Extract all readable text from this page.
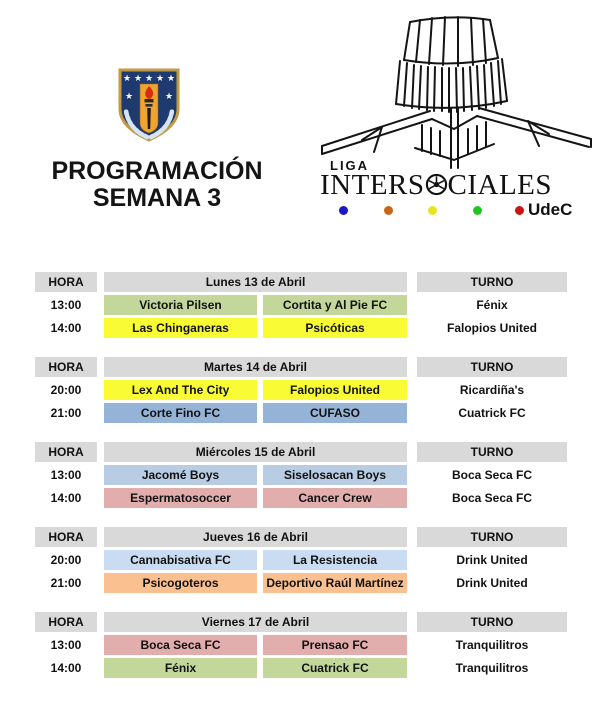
★ ★ ★ ★ ★
★	★
PROGRAMACIÓN
SEMANA 3
LIGA
INTERS CIALES
UdeC
HORA	Lunes 13 de Abril	TURNO
13:00	Victoria Pilsen	Cortita y Al Pie FC	Fénix
14:00	Las Chinganeras	Psicóticas	Falopios United
HORA	Martes 14 de Abril	TURNO
20:00	Lex And The City	Falopios United	Ricardiña's
21:00	Corte Fino FC	CUFASO	Cuatrick FC
HORA	Miércoles 15 de Abril	TURNO
13:00	Jacomé Boys	Siselosacan Boys	Boca Seca FC
14:00	Espermatosoccer	Cancer Crew	Boca Seca FC
HORA	Jueves 16 de Abril	TURNO
20:00	Cannabisativa FC	La Resistencia	Drink United
21:00	Psicogoteros	Deportivo Raúl Martínez	Drink United
HORA	Viernes 17 de Abril	TURNO
13:00	Boca Seca FC	Prensao FC	Tranquilitros
14:00	Fénix	Cuatrick FC	Tranquilitros
